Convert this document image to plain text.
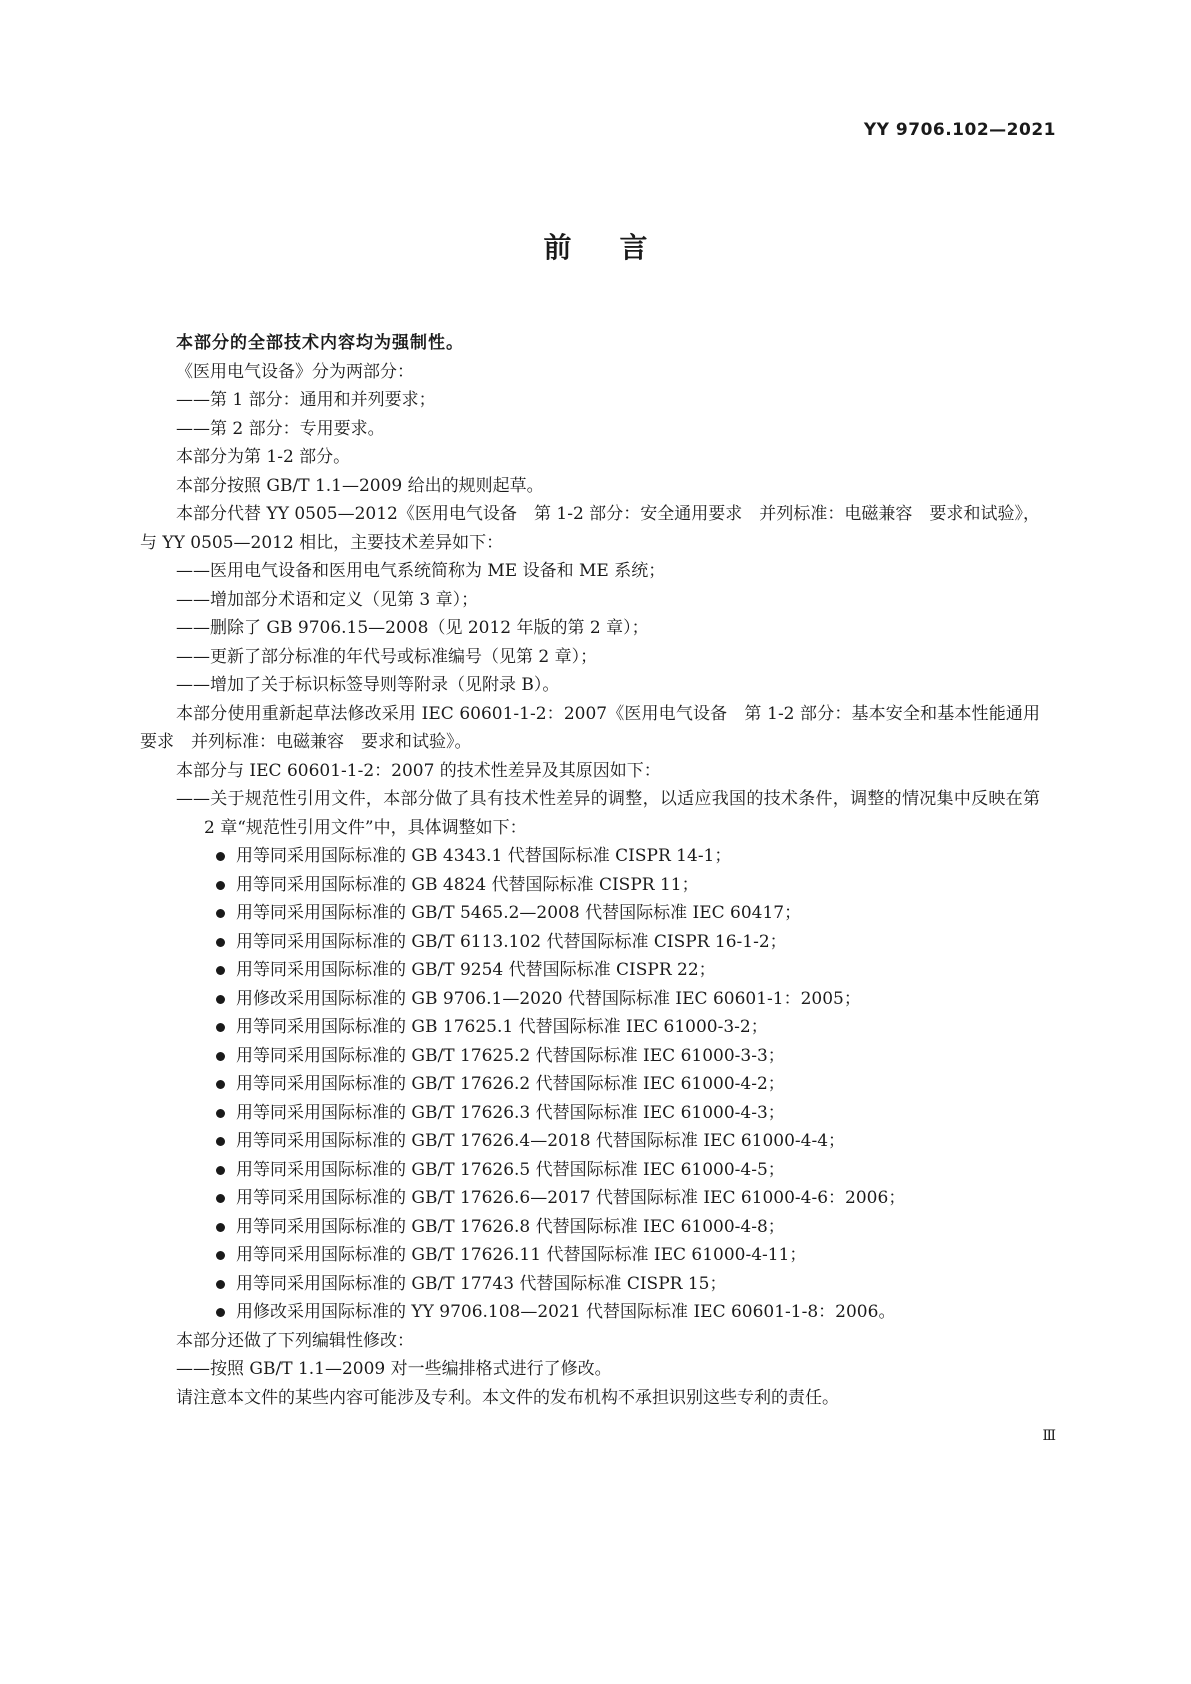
YY 9706.102—2021
前言

本部分的全部技术内容均为强制性。

《医用电气设备》分为两部分：

——第 1 部分：通用和并列要求；

——第 2 部分：专用要求。

本部分为第 1-2 部分。

本部分按照 GB/T 1.1—2009 给出的规则起草。

本部分代替 YY 0505—2012《医用电气设备　第 1-2 部分：安全通用要求　并列标准：电磁兼容　要求和试验》，与 YY 0505—2012 相比，主要技术差异如下：

——医用电气设备和医用电气系统简称为 ME 设备和 ME 系统；

——增加部分术语和定义（见第 3 章）；

——删除了 GB 9706.15—2008（见 2012 年版的第 2 章）；

——更新了部分标准的年代号或标准编号（见第 2 章）；

——增加了关于标识标签导则等附录（见附录 B）。

本部分使用重新起草法修改采用 IEC 60601-1-2：2007《医用电气设备　第 1-2 部分：基本安全和基本性能通用要求　并列标准：电磁兼容　要求和试验》。

本部分与 IEC 60601-1-2：2007 的技术性差异及其原因如下：

——关于规范性引用文件，本部分做了具有技术性差异的调整，以适应我国的技术条件，调整的情况集中反映在第 2 章“规范性引用文件”中，具体调整如下：

用等同采用国际标准的 GB 4343.1 代替国际标准 CISPR 14-1；
用等同采用国际标准的 GB 4824 代替国际标准 CISPR 11；
用等同采用国际标准的 GB/T 5465.2—2008 代替国际标准 IEC 60417；
用等同采用国际标准的 GB/T 6113.102 代替国际标准 CISPR 16-1-2；
用等同采用国际标准的 GB/T 9254 代替国际标准 CISPR 22；
用修改采用国际标准的 GB 9706.1—2020 代替国际标准 IEC 60601-1：2005；
用等同采用国际标准的 GB 17625.1 代替国际标准 IEC 61000-3-2；
用等同采用国际标准的 GB/T 17625.2 代替国际标准 IEC 61000-3-3；
用等同采用国际标准的 GB/T 17626.2 代替国际标准 IEC 61000-4-2；
用等同采用国际标准的 GB/T 17626.3 代替国际标准 IEC 61000-4-3；
用等同采用国际标准的 GB/T 17626.4—2018 代替国际标准 IEC 61000-4-4；
用等同采用国际标准的 GB/T 17626.5 代替国际标准 IEC 61000-4-5；
用等同采用国际标准的 GB/T 17626.6—2017 代替国际标准 IEC 61000-4-6：2006；
用等同采用国际标准的 GB/T 17626.8 代替国际标准 IEC 61000-4-8；
用等同采用国际标准的 GB/T 17626.11 代替国际标准 IEC 61000-4-11；
用等同采用国际标准的 GB/T 17743 代替国际标准 CISPR 15；
用修改采用国际标准的 YY 9706.108—2021 代替国际标准 IEC 60601-1-8：2006。

本部分还做了下列编辑性修改：

——按照 GB/T 1.1—2009 对一些编排格式进行了修改。

请注意本文件的某些内容可能涉及专利。本文件的发布机构不承担识别这些专利的责任。

Ⅲ
